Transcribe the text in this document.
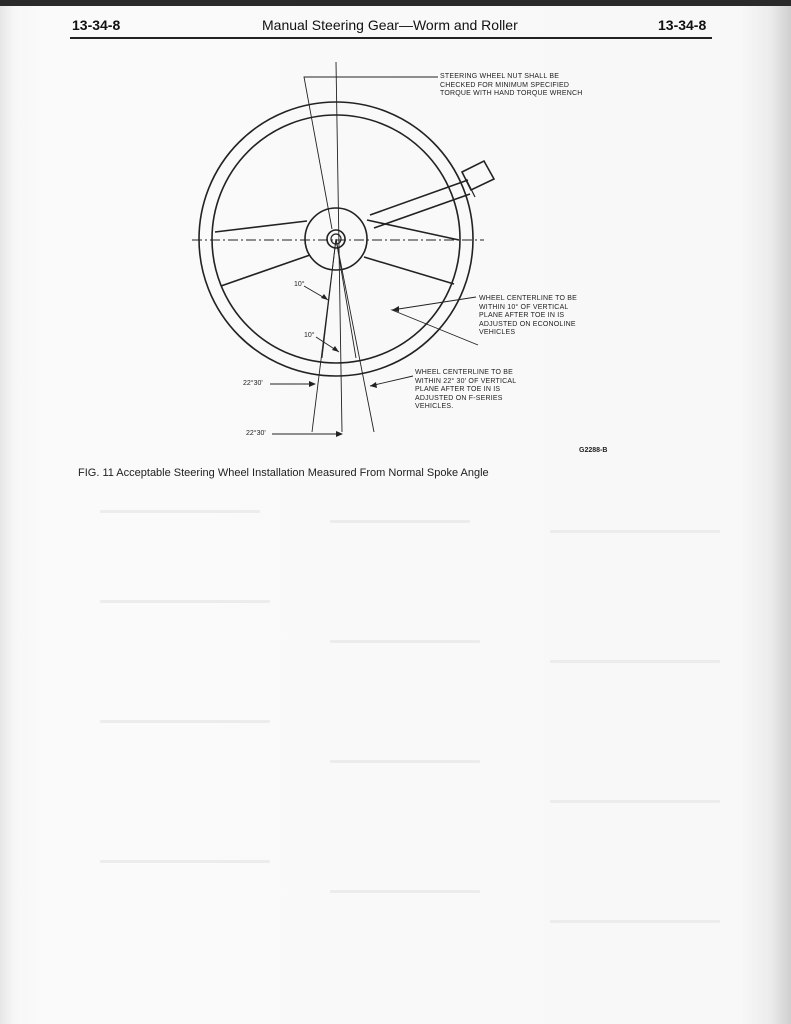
13-34-8	Manual Steering Gear—Worm and Roller	13-34-8
STEERING WHEEL NUT SHALL BE
CHECKED FOR MINIMUM SPECIFIED
TORQUE WITH HAND TORQUE WRENCH
WHEEL CENTERLINE TO BE
WITHIN 10° OF VERTICAL
PLANE AFTER TOE IN IS
ADJUSTED ON ECONOLINE
VEHICLES
WHEEL CENTERLINE TO BE
WITHIN 22° 30' OF VERTICAL
PLANE AFTER TOE IN IS
ADJUSTED ON F-SERIES
VEHICLES.
10°
10°
22°30'
22°30'
G2288-B
FIG. 11 Acceptable Steering Wheel Installation Measured From Normal Spoke Angle
